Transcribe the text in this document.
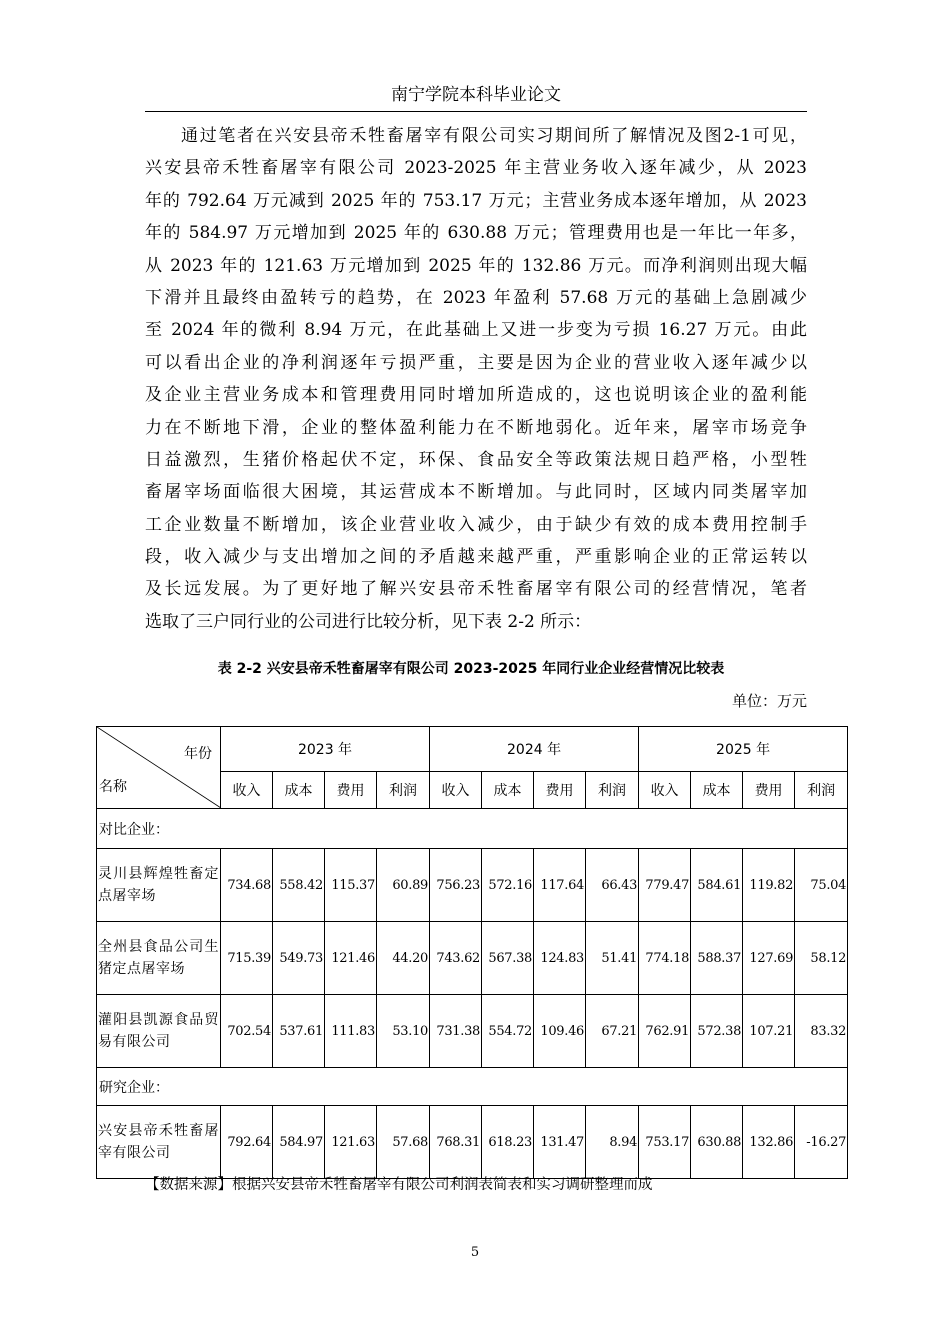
南宁学院本科毕业论文
通过笔者在兴安县帝禾牲畜屠宰有限公司实习期间所了解情况及图2-1可见，
兴安县帝禾牲畜屠宰有限公司 2023-2025 年主营业务收入逐年减少，从 2023
年的 792.64 万元减到 2025 年的 753.17 万元；主营业务成本逐年增加，从 2023
年的 584.97 万元增加到 2025 年的 630.88 万元；管理费用也是一年比一年多，
从 2023 年的 121.63 万元增加到 2025 年的 132.86 万元。而净利润则出现大幅
下滑并且最终由盈转亏的趋势，在 2023 年盈利 57.68 万元的基础上急剧减少
至 2024 年的微利 8.94 万元，在此基础上又进一步变为亏损 16.27 万元。由此
可以看出企业的净利润逐年亏损严重，主要是因为企业的营业收入逐年减少以
及企业主营业务成本和管理费用同时增加所造成的，这也说明该企业的盈利能
力在不断地下滑，企业的整体盈利能力在不断地弱化。近年来，屠宰市场竞争
日益激烈，生猪价格起伏不定，环保、食品安全等政策法规日趋严格，小型牲
畜屠宰场面临很大困境，其运营成本不断增加。与此同时，区域内同类屠宰加
工企业数量不断增加，该企业营业收入减少，由于缺少有效的成本费用控制手
段，收入减少与支出增加之间的矛盾越来越严重，严重影响企业的正常运转以
及长远发展。为了更好地了解兴安县帝禾牲畜屠宰有限公司的经营情况，笔者
选取了三户同行业的公司进行比较分析，见下表 2-2 所示：
表 2-2 兴安县帝禾牲畜屠宰有限公司 2023-2025 年同行业企业经营情况比较表
单位：万元
年份
名称	2023 年				2024 年				2025 年			
	收入	成本	费用	利润	收入	成本	费用	利润	收入	成本	费用	利润
对比企业：												
灵川县辉煌牲畜定点屠宰场	734.68	558.42	115.37	60.89	756.23	572.16	117.64	66.43	779.47	584.61	119.82	75.04
全州县食品公司生猪定点屠宰场	715.39	549.73	121.46	44.20	743.62	567.38	124.83	51.41	774.18	588.37	127.69	58.12
灌阳县凯源食品贸易有限公司	702.54	537.61	111.83	53.10	731.38	554.72	109.46	67.21	762.91	572.38	107.21	83.32
研究企业：												
兴安县帝禾牲畜屠宰有限公司	792.64	584.97	121.63	57.68	768.31	618.23	131.47	8.94	753.17	630.88	132.86	-16.27
【数据来源】根据兴安县帝禾牲畜屠宰有限公司利润表简表和实习调研整理而成
5
